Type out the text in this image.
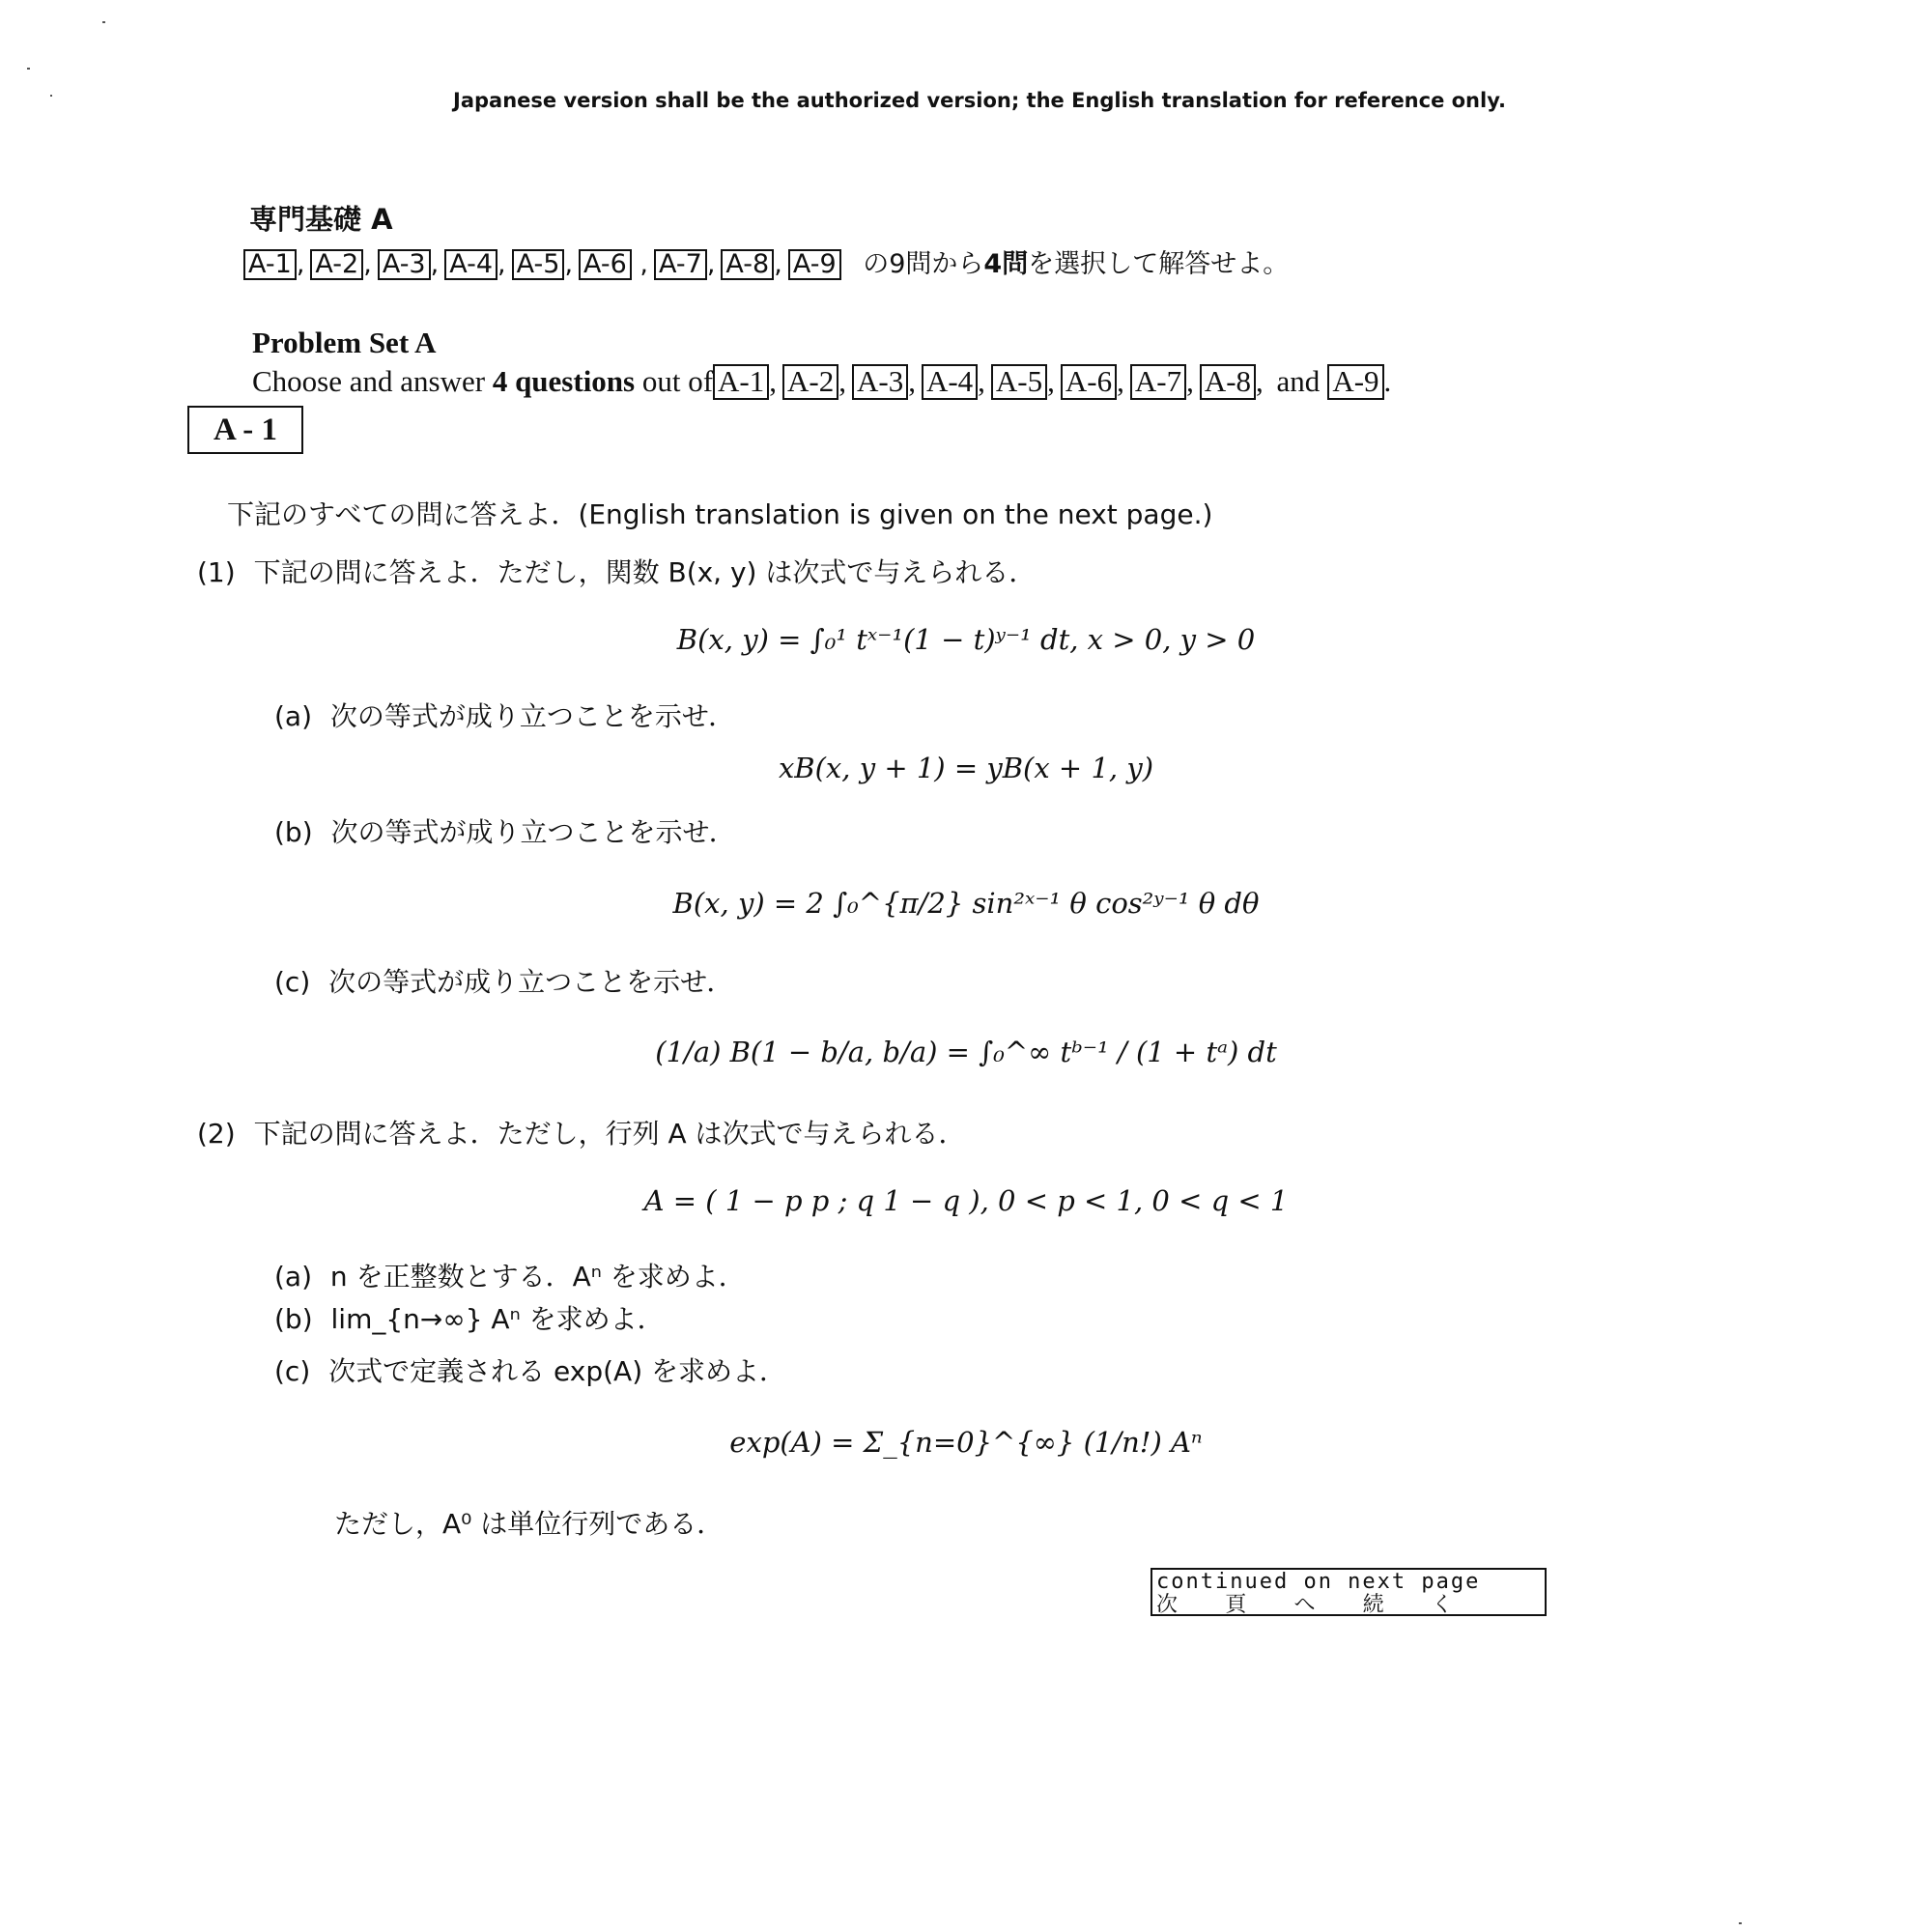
Japanese version shall be the authorized version; the English translation for reference only.
専門基礎 A
A-1 , A-2 , A-3 , A-4 , A-5 , A-6 , A-7 , A-8 , A-9 の9問から4問を選択して解答せよ。
Problem Set A
Choose and answer 4 questions out of A-1 , A-2 , A-3 , A-4 , A-5 , A-6 , A-7 , A-8 , and A-9 .
A - 1
下記のすべての問に答えよ．(English translation is given on the next page.)
(1) 下記の問に答えよ．ただし，関数 B(x, y) は次式で与えられる．
B(x, y) = ∫₀¹ tˣ⁻¹(1 − t)ʸ⁻¹ dt, x > 0, y > 0
(a) 次の等式が成り立つことを示せ．
xB(x, y + 1) = yB(x + 1, y)
(b) 次の等式が成り立つことを示せ．
B(x, y) = 2 ∫₀^{π/2} sin²ˣ⁻¹ θ cos²ʸ⁻¹ θ dθ
(c) 次の等式が成り立つことを示せ．
(1/a) B(1 − b/a, b/a) = ∫₀^∞ tᵇ⁻¹ / (1 + tᵃ) dt
(2) 下記の問に答えよ．ただし，行列 A は次式で与えられる．
A = ( 1 − p p ; q 1 − q ), 0 < p < 1, 0 < q < 1
(a) n を正整数とする．Aⁿ を求めよ．
(b) lim_{n→∞} Aⁿ を求めよ．
(c) 次式で定義される exp(A) を求めよ．
exp(A) = Σ_{n=0}^{∞} (1/n!) Aⁿ
ただし，A⁰ は単位行列である．
continued on next page
次 頁 へ 続 く
